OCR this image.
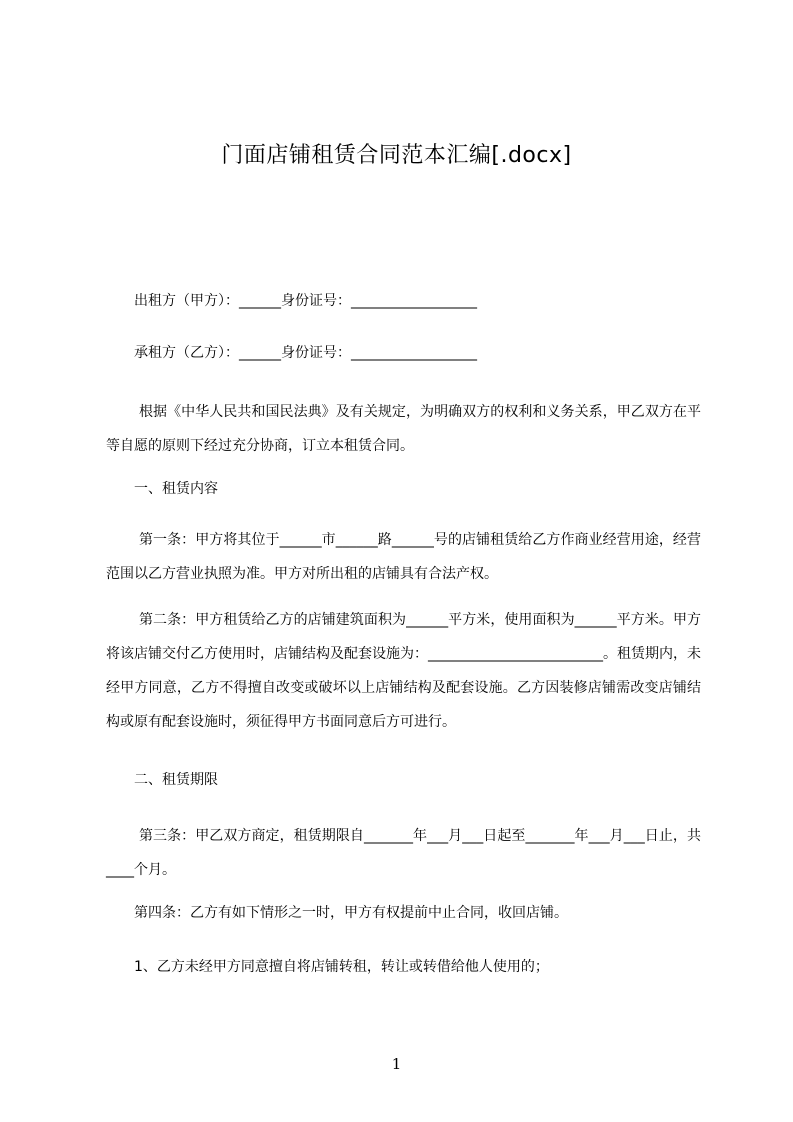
门面店铺租赁合同范本汇编[.docx]
出租方（甲方）：______身份证号：__________________
承租方（乙方）：______身份证号：__________________
根据《中华人民共和国民法典》及有关规定，为明确双方的权利和义务关系，甲乙双方在平等自愿的原则下经过充分协商，订立本租赁合同。
一、租赁内容
第一条：甲方将其位于______市______路______号的店铺租赁给乙方作商业经营用途，经营范围以乙方营业执照为准。甲方对所出租的店铺具有合法产权。
第二条：甲方租赁给乙方的店铺建筑面积为______平方米，使用面积为______平方米。甲方将该店铺交付乙方使用时，店铺结构及配套设施为：_________________________。租赁期内，未经甲方同意，乙方不得擅自改变或破坏以上店铺结构及配套设施。乙方因装修店铺需改变店铺结构或原有配套设施时，须征得甲方书面同意后方可进行。
二、租赁期限
第三条：甲乙双方商定，租赁期限自_______年___月___日起至_______年___月___日止，共____个月。
第四条：乙方有如下情形之一时，甲方有权提前中止合同，收回店铺。
1、乙方未经甲方同意擅自将店铺转租，转让或转借给他人使用的；
1
